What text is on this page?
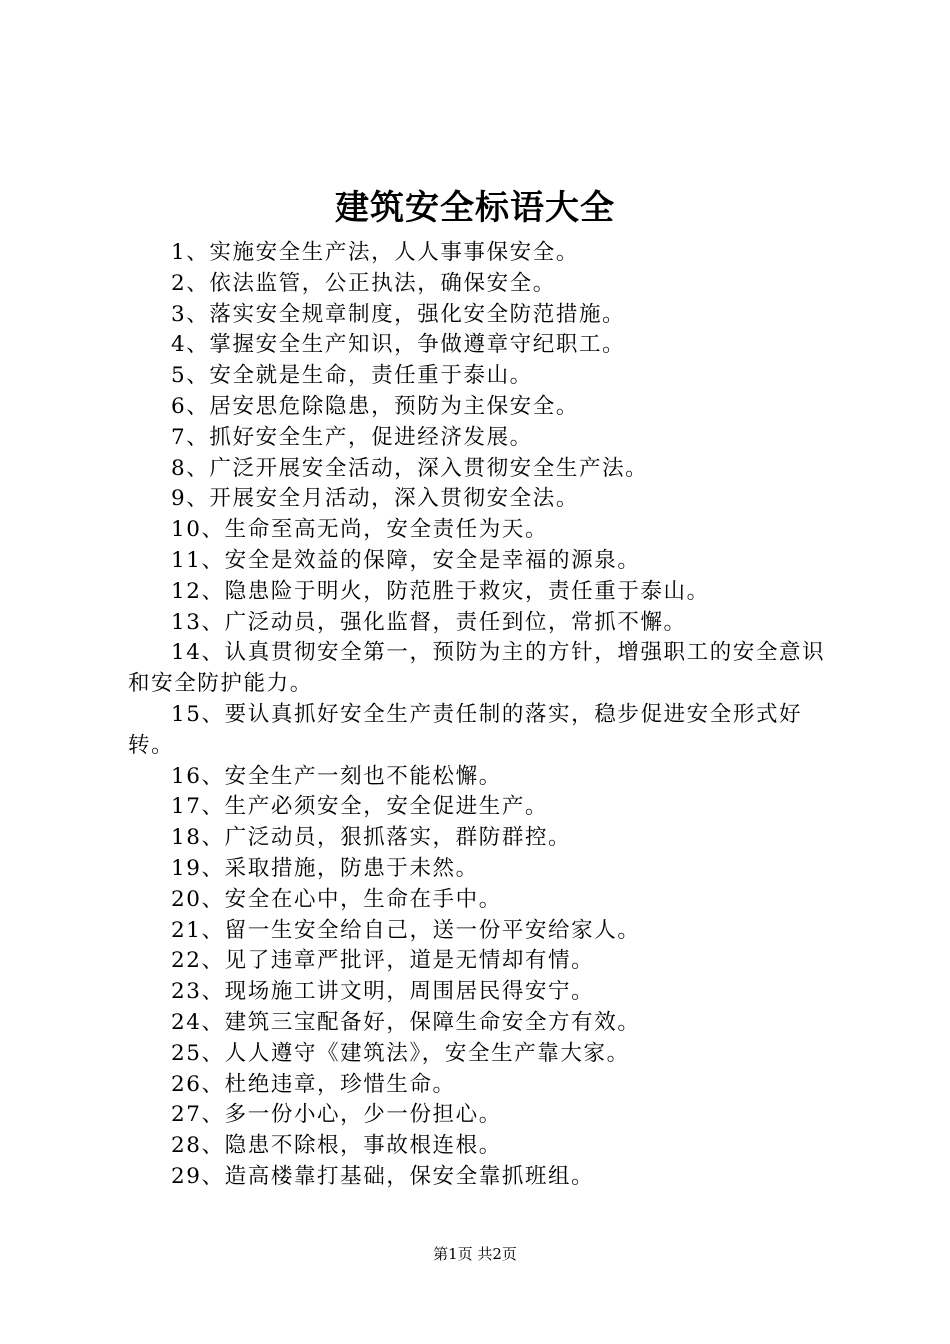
建筑安全标语大全
1、实施安全生产法，人人事事保安全。
2、依法监管，公正执法，确保安全。
3、落实安全规章制度，强化安全防范措施。
4、掌握安全生产知识，争做遵章守纪职工。
5、安全就是生命，责任重于泰山。
6、居安思危除隐患，预防为主保安全。
7、抓好安全生产，促进经济发展。
8、广泛开展安全活动，深入贯彻安全生产法。
9、开展安全月活动，深入贯彻安全法。
10、生命至高无尚，安全责任为天。
11、安全是效益的保障，安全是幸福的源泉。
12、隐患险于明火，防范胜于救灾，责任重于泰山。
13、广泛动员，强化监督，责任到位，常抓不懈。
14、认真贯彻安全第一，预防为主的方针，增强职工的安全意识和安全防护能力。
15、要认真抓好安全生产责任制的落实，稳步促进安全形式好转。
16、安全生产一刻也不能松懈。
17、生产必须安全，安全促进生产。
18、广泛动员，狠抓落实，群防群控。
19、采取措施，防患于未然。
20、安全在心中，生命在手中。
21、留一生安全给自己，送一份平安给家人。
22、见了违章严批评，道是无情却有情。
23、现场施工讲文明，周围居民得安宁。
24、建筑三宝配备好，保障生命安全方有效。
25、人人遵守《建筑法》，安全生产靠大家。
26、杜绝违章，珍惜生命。
27、多一份小心，少一份担心。
28、隐患不除根，事故根连根。
29、造高楼靠打基础，保安全靠抓班组。
第1页 共2页
